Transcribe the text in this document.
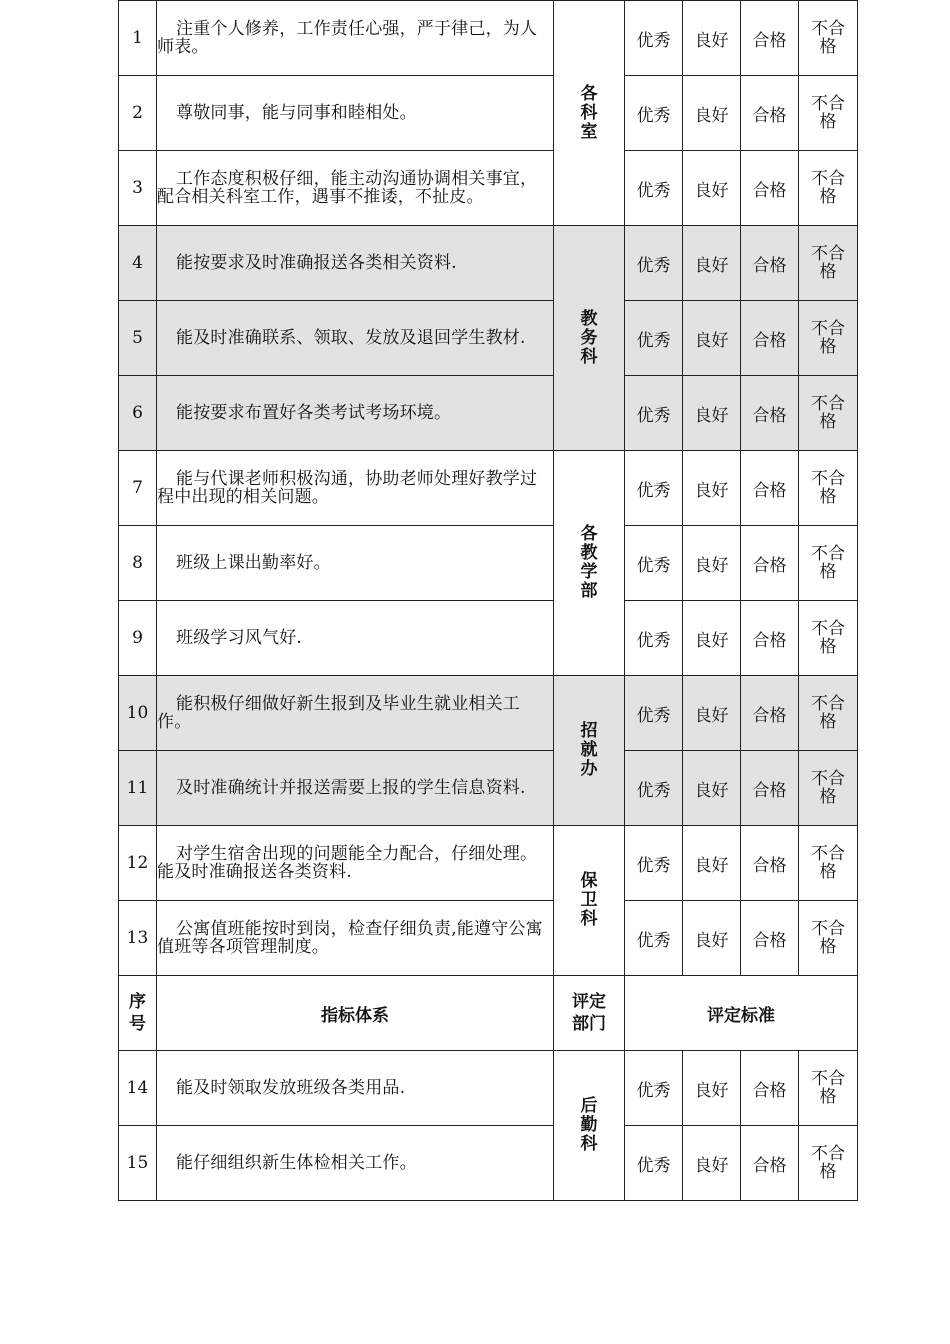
1	注重个人修养，工作责任心强，严于律己，为人师表。	各科室	优秀	良好	合格	不合格
2	尊敬同事，能与同事和睦相处。		优秀	良好	合格	不合格
3	工作态度积极仔细，能主动沟通协调相关事宜，配合相关科室工作，遇事不推诿，不扯皮。		优秀	良好	合格	不合格
4	能按要求及时准确报送各类相关资料.	教务科	优秀	良好	合格	不合格
5	能及时准确联系、领取、发放及退回学生教材.		优秀	良好	合格	不合格
6	能按要求布置好各类考试考场环境。		优秀	良好	合格	不合格
7	能与代课老师积极沟通，协助老师处理好教学过程中出现的相关问题。	各教学部	优秀	良好	合格	不合格
8	班级上课出勤率好。		优秀	良好	合格	不合格
9	班级学习风气好.		优秀	良好	合格	不合格
10	能积极仔细做好新生报到及毕业生就业相关工作。	招就办	优秀	良好	合格	不合格
11	及时准确统计并报送需要上报的学生信息资料.		优秀	良好	合格	不合格
12	对学生宿舍出现的问题能全力配合，仔细处理。能及时准确报送各类资料.	保卫科	优秀	良好	合格	不合格
13	公寓值班能按时到岗，检查仔细负责,能遵守公寓值班等各项管理制度。		优秀	良好	合格	不合格
序号	指标体系	评定部门	评定标准			
14	能及时领取发放班级各类用品.	后勤科	优秀	良好	合格	不合格
15	能仔细组织新生体检相关工作。		优秀	良好	合格	不合格
